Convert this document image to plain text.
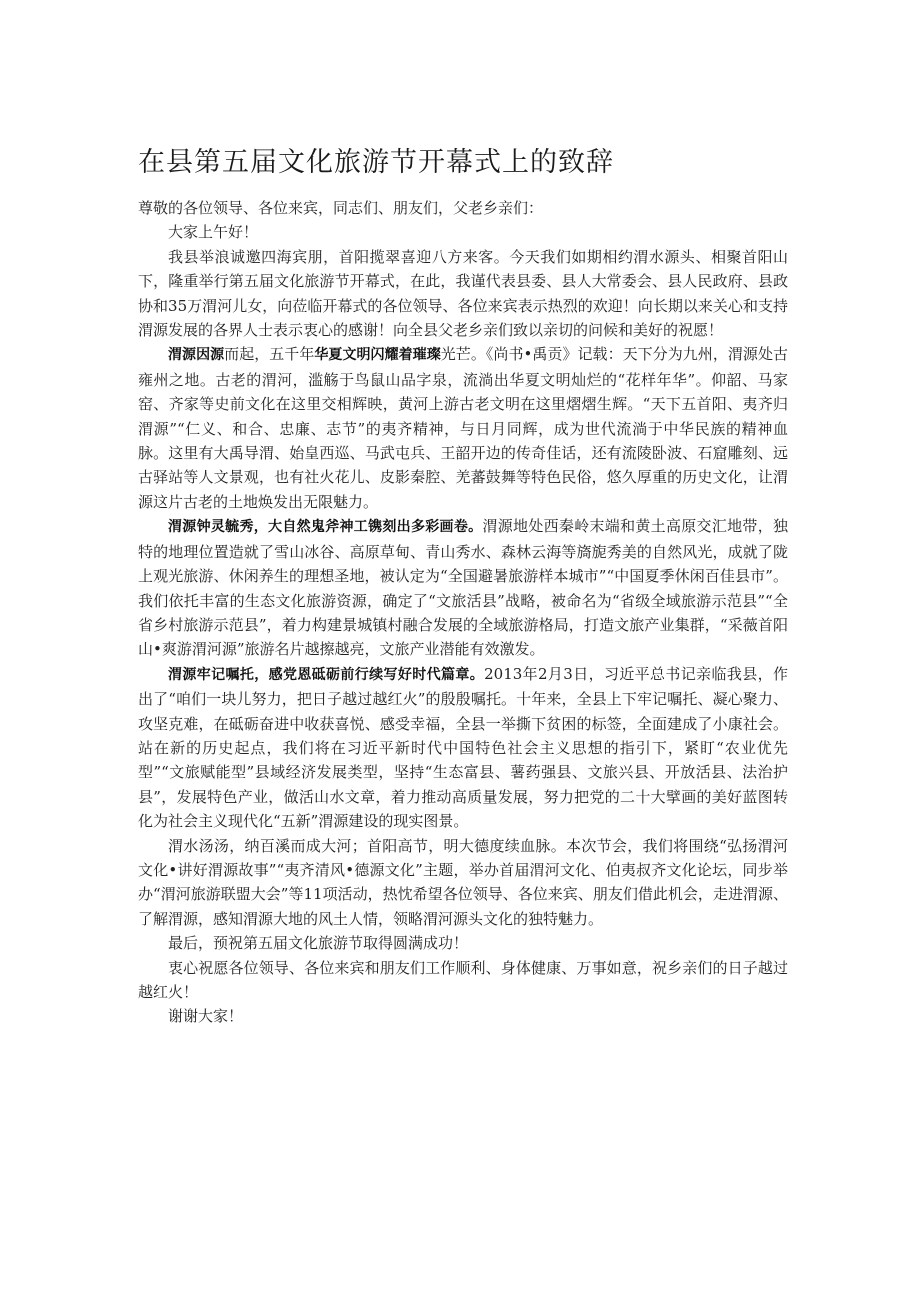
在县第五届文化旅游节开幕式上的致辞

尊敬的各位领导、各位来宾，同志们、朋友们，父老乡亲们：

大家上午好！

我县举浪诚邀四海宾朋，首阳揽翠喜迎八方来客。今天我们如期相约渭水源头、相聚首阳山下，隆重举行第五届文化旅游节开幕式，在此，我谨代表县委、县人大常委会、县人民政府、县政协和35万渭河儿女，向莅临开幕式的各位领导、各位来宾表示热烈的欢迎！向长期以来关心和支持渭源发展的各界人士表示衷心的感谢！向全县父老乡亲们致以亲切的问候和美好的祝愿！

渭源因源而起，五千年华夏文明闪耀着璀璨光芒。《尚书•禹贡》记载：天下分为九州，渭源处古雍州之地。古老的渭河，滥觞于鸟鼠山品字泉，流淌出华夏文明灿烂的“花样年华”。仰韶、马家窑、齐家等史前文化在这里交相辉映，黄河上游古老文明在这里熠熠生辉。“天下五首阳、夷齐归渭源”“仁义、和合、忠廉、志节”的夷齐精神，与日月同辉，成为世代流淌于中华民族的精神血脉。这里有大禹导渭、始皇西巡、马武屯兵、王韶开边的传奇佳话，还有流陵卧波、石窟雕刻、远古驿站等人文景观，也有社火花儿、皮影秦腔、羌蕃鼓舞等特色民俗，悠久厚重的历史文化，让渭源这片古老的土地焕发出无限魅力。

渭源钟灵毓秀，大自然鬼斧神工镌刻出多彩画卷。渭源地处西秦岭末端和黄土高原交汇地带，独特的地理位置造就了雪山冰谷、高原草甸、青山秀水、森林云海等旖旎秀美的自然风光，成就了陇上观光旅游、休闲养生的理想圣地，被认定为“全国避暑旅游样本城市”“中国夏季休闲百佳县市”。我们依托丰富的生态文化旅游资源，确定了“文旅活县”战略，被命名为“省级全域旅游示范县”“全省乡村旅游示范县”，着力构建景城镇村融合发展的全域旅游格局，打造文旅产业集群，“采薇首阳山•爽游渭河源”旅游名片越擦越亮，文旅产业潜能有效激发。

渭源牢记嘱托，感党恩砥砺前行续写好时代篇章。2013年2月3日，习近平总书记亲临我县，作出了“咱们一块儿努力，把日子越过越红火”的殷殷嘱托。十年来，全县上下牢记嘱托、凝心聚力、攻坚克难，在砥砺奋进中收获喜悦、感受幸福，全县一举撕下贫困的标签，全面建成了小康社会。站在新的历史起点，我们将在习近平新时代中国特色社会主义思想的指引下，紧盯“农业优先型”“文旅赋能型”县域经济发展类型，坚持“生态富县、薯药强县、文旅兴县、开放活县、法治护县”，发展特色产业，做活山水文章，着力推动高质量发展，努力把党的二十大擘画的美好蓝图转化为社会主义现代化“五新”渭源建设的现实图景。

渭水汤汤，纳百溪而成大河；首阳高节，明大德度续血脉。本次节会，我们将围绕“弘扬渭河文化•讲好渭源故事”“夷齐清风•德源文化”主题，举办首届渭河文化、伯夷叔齐文化论坛，同步举办“渭河旅游联盟大会”等11项活动，热忱希望各位领导、各位来宾、朋友们借此机会，走进渭源、了解渭源，感知渭源大地的风土人情，领略渭河源头文化的独特魅力。

最后，预祝第五届文化旅游节取得圆满成功！

衷心祝愿各位领导、各位来宾和朋友们工作顺利、身体健康、万事如意，祝乡亲们的日子越过越红火！

谢谢大家！
